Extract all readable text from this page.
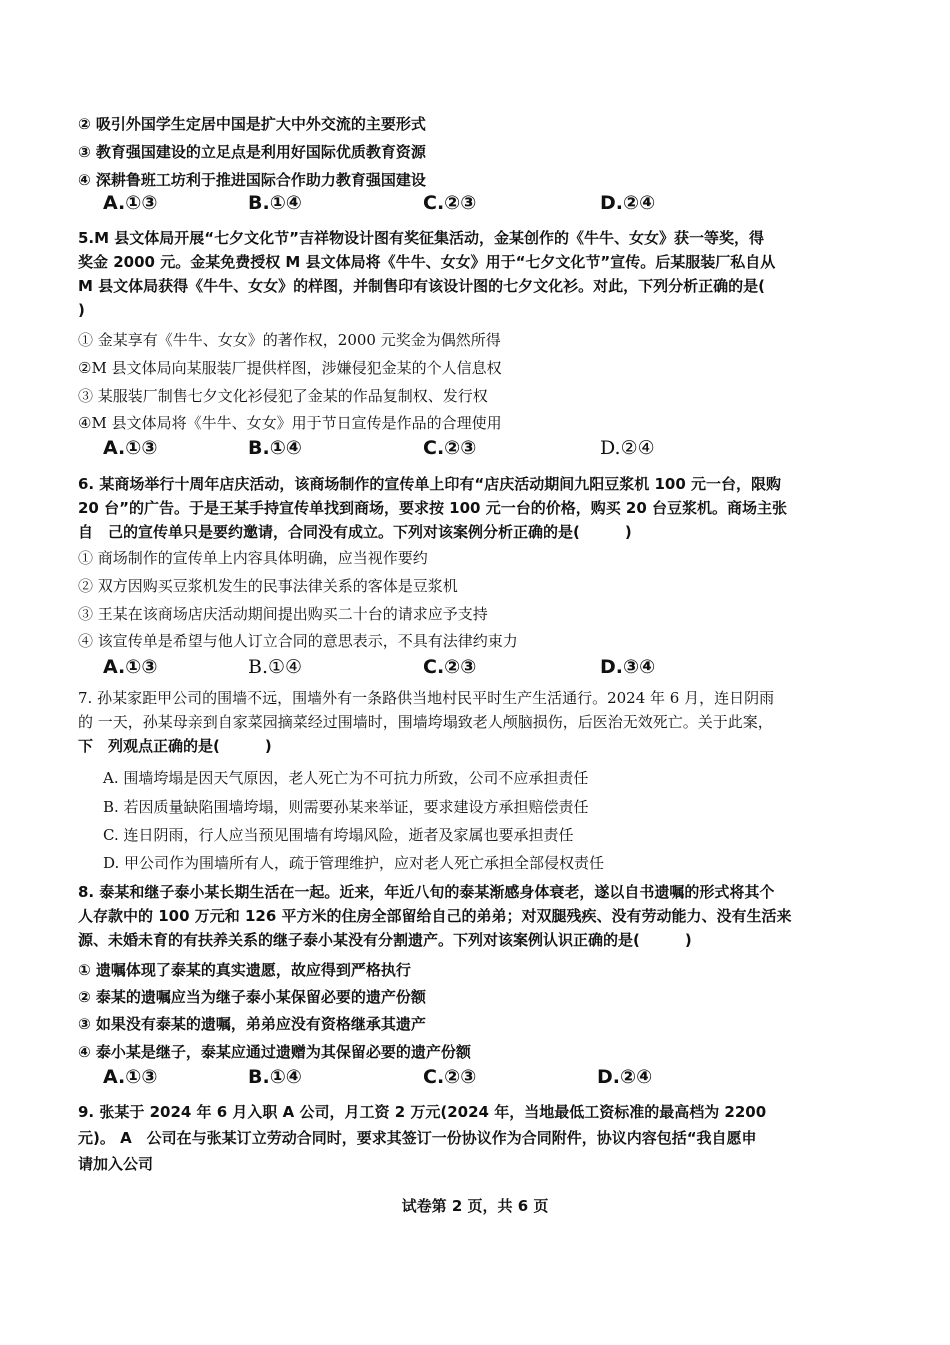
② 吸引外国学生定居中国是扩大中外交流的主要形式
③ 教育强国建设的立足点是利用好国际优质教育资源
④ 深耕鲁班工坊利于推进国际合作助力教育强国建设
A.①③	B.①④	C.②③	D.②④
5.M 县文体局开展“七夕文化节”吉祥物设计图有奖征集活动，金某创作的《牛牛、女女》获一等奖，得
奖金 2000 元。金某免费授权 M 县文体局将《牛牛、女女》用于“七夕文化节”宣传。后某服装厂私自从
M 县文体局获得《牛牛、女女》的样图，并制售印有该设计图的七夕文化衫。对此，下列分析正确的是(
)
① 金某享有《牛牛、女女》的著作权，2000 元奖金为偶然所得
②M 县文体局向某服装厂提供样图，涉嫌侵犯金某的个人信息权
③ 某服装厂制售七夕文化衫侵犯了金某的作品复制权、发行权
④M 县文体局将《牛牛、女女》用于节日宣传是作品的合理使用
A.①③	B.①④	C.②③	D.②④
6. 某商场举行十周年店庆活动，该商场制作的宣传单上印有“店庆活动期间九阳豆浆机 100 元一台，限购
20 台”的广告。于是王某手持宣传单找到商场，要求按 100 元一台的价格，购买 20 台豆浆机。商场主张
自　己的宣传单只是要约邀请，合同没有成立。下列对该案例分析正确的是(　　　)
① 商场制作的宣传单上内容具体明确，应当视作要约
② 双方因购买豆浆机发生的民事法律关系的客体是豆浆机
③ 王某在该商场店庆活动期间提出购买二十台的请求应予支持
④ 该宣传单是希望与他人订立合同的意思表示，不具有法律约束力
A.①③	B.①④	C.②③	D.③④
7. 孙某家距甲公司的围墙不远，围墙外有一条路供当地村民平时生产生活通行。2024 年 6 月，连日阴雨
的 一天，孙某母亲到自家菜园摘菜经过围墙时，围墙垮塌致老人颅脑损伤，后医治无效死亡。关于此案，
下　列观点正确的是(　　　)
A. 围墙垮塌是因天气原因，老人死亡为不可抗力所致，公司不应承担责任
B. 若因质量缺陷围墙垮塌，则需要孙某来举证，要求建设方承担赔偿责任
C. 连日阴雨，行人应当预见围墙有垮塌风险，逝者及家属也要承担责任
D. 甲公司作为围墙所有人，疏于管理维护，应对老人死亡承担全部侵权责任
8. 泰某和继子泰小某长期生活在一起。近来，年近八旬的泰某渐感身体衰老，遂以自书遗嘱的形式将其个
人存款中的 100 万元和 126 平方米的住房全部留给自己的弟弟；对双腿残疾、没有劳动能力、没有生活来
源、未婚未育的有扶养关系的继子泰小某没有分割遗产。下列对该案例认识正确的是(　　　)
① 遗嘱体现了泰某的真实遗愿，故应得到严格执行
② 泰某的遗嘱应当为继子泰小某保留必要的遗产份额
③ 如果没有泰某的遗嘱，弟弟应没有资格继承其遗产
④ 泰小某是继子，泰某应通过遗赠为其保留必要的遗产份额
A.①③	B.①④	C.②③	D.②④
9. 张某于 2024 年 6 月入职 A 公司，月工资 2 万元(2024 年，当地最低工资标准的最高档为 2200
元)。 A　公司在与张某订立劳动合同时，要求其签订一份协议作为合同附件，协议内容包括“我自愿申
请加入公司
试卷第 2 页，共 6 页
